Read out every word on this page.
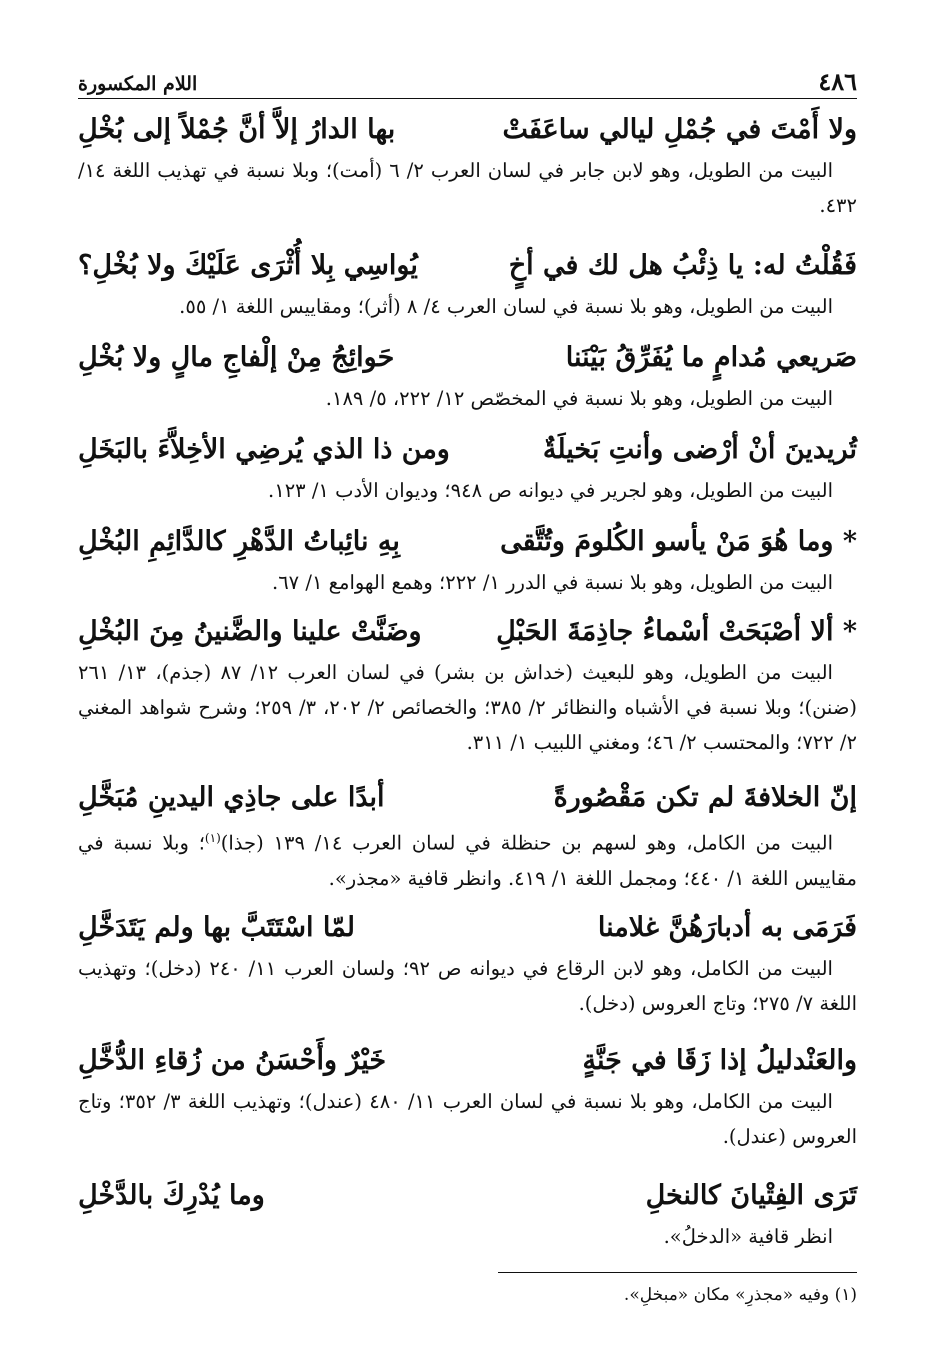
٤٨٦
اللام المكسورة
ولا أَمْتَ في جُمْلِ ليالي ساعَفَتْ
بها الدارُ إلاَّ أنَّ جُمْلاً إلى بُخْلِ
البيت من الطويل، وهو لابن جابر في لسان العرب ٢/ ٦ (أمت)؛ وبلا نسبة في تهذيب اللغة ١٤/ ٤٣٢.
فَقُلْتُ له: يا ذِئْبُ هل لك في أخٍ
يُواسِي بِلا أُثْرَى عَلَيْكَ ولا بُخْلِ؟
البيت من الطويل، وهو بلا نسبة في لسان العرب ٤/ ٨ (أثر)؛ ومقاييس اللغة ١/ ٥٥.
صَريعي مُدامٍ ما يُفَرِّقُ بَيْنَنا
حَوائِجُ مِنْ إلْفاجِ مالٍ ولا بُخْلِ
البيت من الطويل، وهو بلا نسبة في المخصّص ١٢/ ٢٢٢، ٥/ ١٨٩.
تُريدينَ أنْ أرْضى وأنتِ بَخيلَةٌ
ومن ذا الذي يُرضِي الأخِلاَّءَ بالبَخَلِ
البيت من الطويل، وهو لجرير في ديوانه ص ٩٤٨؛ وديوان الأدب ١/ ١٢٣.
* وما هُوَ مَنْ يأسو الكُلومَ وتُتَّقى
بِهِ نائِباتُ الدَّهْرِ كالدَّائِمِ البُخْلِ
البيت من الطويل، وهو بلا نسبة في الدرر ١/ ٢٢٢؛ وهمع الهوامع ١/ ٦٧.
* ألا أصْبَحَتْ أسْماءُ جاذِمَةَ الحَبْلِ
وضَنَّتْ علينا والضَّنينُ مِنَ البُخْلِ
البيت من الطويل، وهو للبعيث (خداش بن بشر) في لسان العرب ١٢/ ٨٧ (جذم)، ١٣/ ٢٦١ (ضنن)؛ وبلا نسبة في الأشباه والنظائر ٢/ ٣٨٥؛ والخصائص ٢/ ٢٠٢، ٣/ ٢٥٩؛ وشرح شواهد المغني ٢/ ٧٢٢؛ والمحتسب ٢/ ٤٦؛ ومغني اللبيب ١/ ٣١١.
إنّ الخلافةَ لم تكن مَقْصُورةً
أبدًا على جاذِي اليدينِ مُبَخَّلِ
البيت من الكامل، وهو لسهم بن حنظلة في لسان العرب ١٤/ ١٣٩ (جذا)$^{(١)}$؛ وبلا نسبة في مقاييس اللغة ١/ ٤٤٠؛ ومجمل اللغة ١/ ٤١٩. وانظر قافية «مجذر».
فَرَمَى به أدبارَهُنَّ غلامنا
لمّا اسْتَتَبَّ بها ولم يَتَدَخَّلِ
البيت من الكامل، وهو لابن الرقاع في ديوانه ص ٩٢؛ ولسان العرب ١١/ ٢٤٠ (دخل)؛ وتهذيب اللغة ٧/ ٢٧٥؛ وتاج العروس (دخل).
والعَنْدليلُ إذا زَقَا في جَنَّةٍ
خَيْرٌ وأَحْسَنُ من زُقاءِ الدُّخَّلِ
البيت من الكامل، وهو بلا نسبة في لسان العرب ١١/ ٤٨٠ (عندل)؛ وتهذيب اللغة ٣/ ٣٥٢؛ وتاج العروس (عندل).
تَرَى الفِتْيانَ كالنخلِ
وما يُدْرِكَ بالدَّخْلِ
انظر قافية «الدخلُ».
(١) وفيه «مجذرِ» مكان «مبخلِ».
